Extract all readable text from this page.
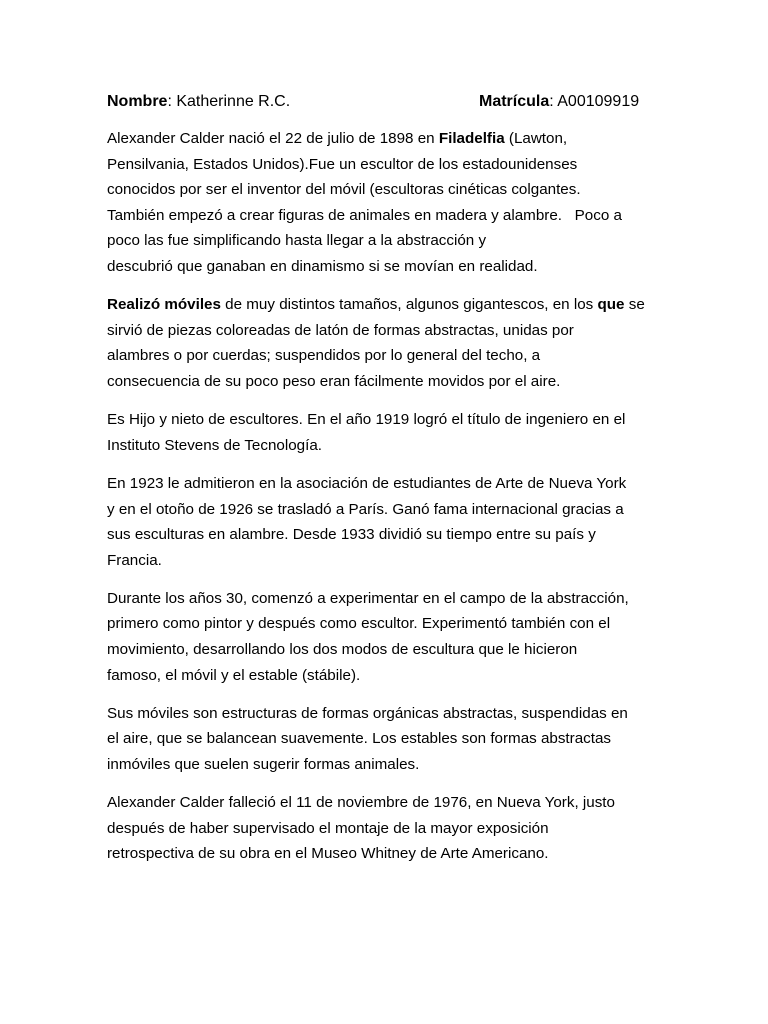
Nombre: Katherinne R.C.	Matrícula: A00109919

Alexander Calder nació el 22 de julio de 1898 en Filadelfia (Lawton,
Pensilvania, Estados Unidos).Fue un escultor de los estadounidenses
conocidos por ser el inventor del móvil (escultoras cinéticas colgantes.
También empezó a crear figuras de animales en madera y alambre.   Poco a
poco las fue simplificando hasta llegar a la abstracción y
descubrió que ganaban en dinamismo si se movían en realidad.

Realizó móviles de muy distintos tamaños, algunos gigantescos, en los que se
sirvió de piezas coloreadas de latón de formas abstractas, unidas por
alambres o por cuerdas; suspendidos por lo general del techo, a
consecuencia de su poco peso eran fácilmente movidos por el aire.

Es Hijo y nieto de escultores. En el año 1919 logró el título de ingeniero en el
Instituto Stevens de Tecnología.

En 1923 le admitieron en la asociación de estudiantes de Arte de Nueva York
y en el otoño de 1926 se trasladó a París. Ganó fama internacional gracias a
sus esculturas en alambre. Desde 1933 dividió su tiempo entre su país y
Francia.

Durante los años 30, comenzó a experimentar en el campo de la abstracción,
primero como pintor y después como escultor. Experimentó también con el
movimiento, desarrollando los dos modos de escultura que le hicieron
famoso, el móvil y el estable (stábile).

Sus móviles son estructuras de formas orgánicas abstractas, suspendidas en
el aire, que se balancean suavemente. Los estables son formas abstractas
inmóviles que suelen sugerir formas animales.

Alexander Calder falleció el 11 de noviembre de 1976, en Nueva York, justo
después de haber supervisado el montaje de la mayor exposición
retrospectiva de su obra en el Museo Whitney de Arte Americano.
